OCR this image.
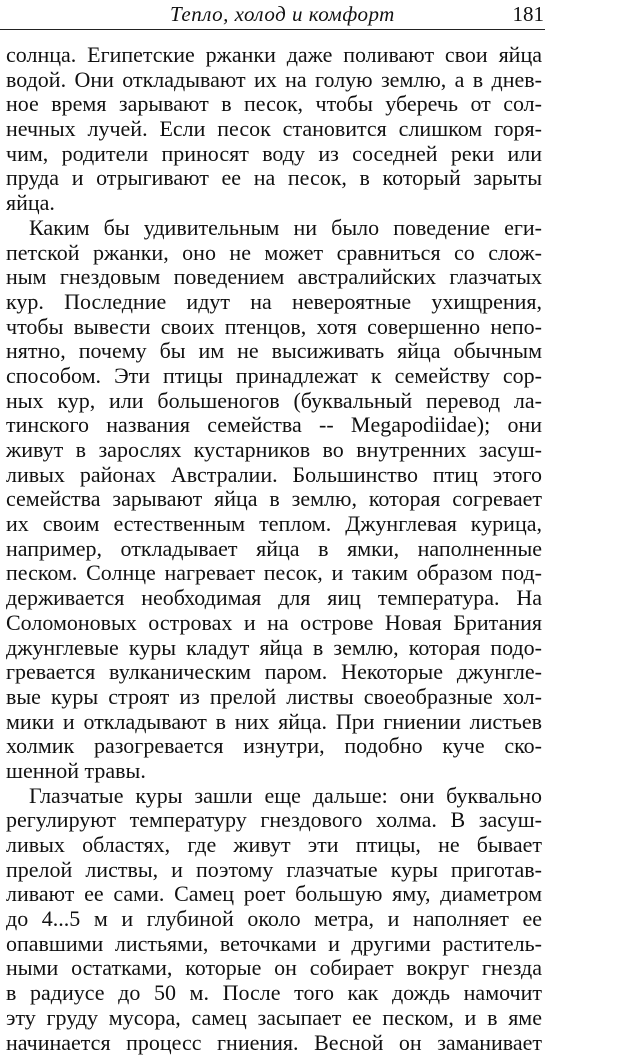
Тепло, холод и комфорт	181
солнца. Египетские ржанки даже поливают свои яйца
водой. Они откладывают их на голую землю, а в днев-
ное время зарывают в песок, чтобы уберечь от сол-
нечных лучей. Если песок становится слишком горя-
чим, родители приносят воду из соседней реки или
пруда и отрыгивают ее на песок, в который зарыты
яйца.
Каким бы удивительным ни было поведение еги-
петской ржанки, оно не может сравниться со слож-
ным гнездовым поведением австралийских глазчатых
кур. Последние идут на невероятные ухищрения,
чтобы вывести своих птенцов, хотя совершенно непо-
нятно, почему бы им не высиживать яйца обычным
способом. Эти птицы принадлежат к семейству сор-
ных кур, или большеногов (буквальный перевод ла-
тинского названия семейства -- Megapodiidae); они
живут в зарослях кустарников во внутренних засуш-
ливых районах Австралии. Большинство птиц этого
семейства зарывают яйца в землю, которая согревает
их своим естественным теплом. Джунглевая курица,
например, откладывает яйца в ямки, наполненные
песком. Солнце нагревает песок, и таким образом под-
держивается необходимая для яиц температура. На
Соломоновых островах и на острове Новая Британия
джунглевые куры кладут яйца в землю, которая подо-
гревается вулканическим паром. Некоторые джунгле-
вые куры строят из прелой листвы своеобразные хол-
мики и откладывают в них яйца. При гниении листьев
холмик разогревается изнутри, подобно куче ско-
шенной травы.
Глазчатые куры зашли еще дальше: они буквально
регулируют температуру гнездового холма. В засуш-
ливых областях, где живут эти птицы, не бывает
прелой листвы, и поэтому глазчатые куры приготав-
ливают ее сами. Самец роет большую яму, диаметром
до 4...5 м и глубиной около метра, и наполняет ее
опавшими листьями, веточками и другими раститель-
ными остатками, которые он собирает вокруг гнезда
в радиусе до 50 м. После того как дождь намочит
эту груду мусора, самец засыпает ее песком, и в яме
начинается процесс гниения. Весной он заманивает
